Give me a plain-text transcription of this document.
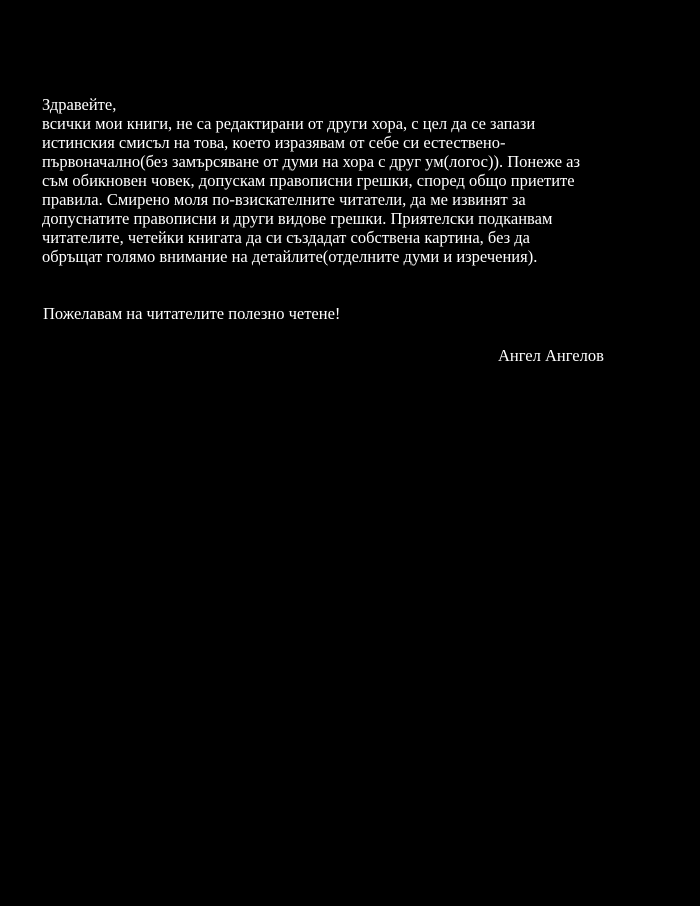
Здравейте,
всички мои книги, не са редактирани от други хора, с цел да се запази
истинския смисъл на това, което изразявам от себе си естествено-
първоначално(без замърсяване от думи на хора с друг ум(логос)). Понеже аз
съм обикновен човек, допускам правописни грешки, според общо приетите
правила. Смирено моля по-взискателните читатели, да ме извинят за
допуснатите правописни и други видове грешки. Приятелски подканвам
читателите, четейки книгата да си създадат собствена картина, без да
обръщат голямо внимание на детайлите(отделните думи и изречения).
Пожелавам на читателите полезно четене!
Ангел Ангелов
